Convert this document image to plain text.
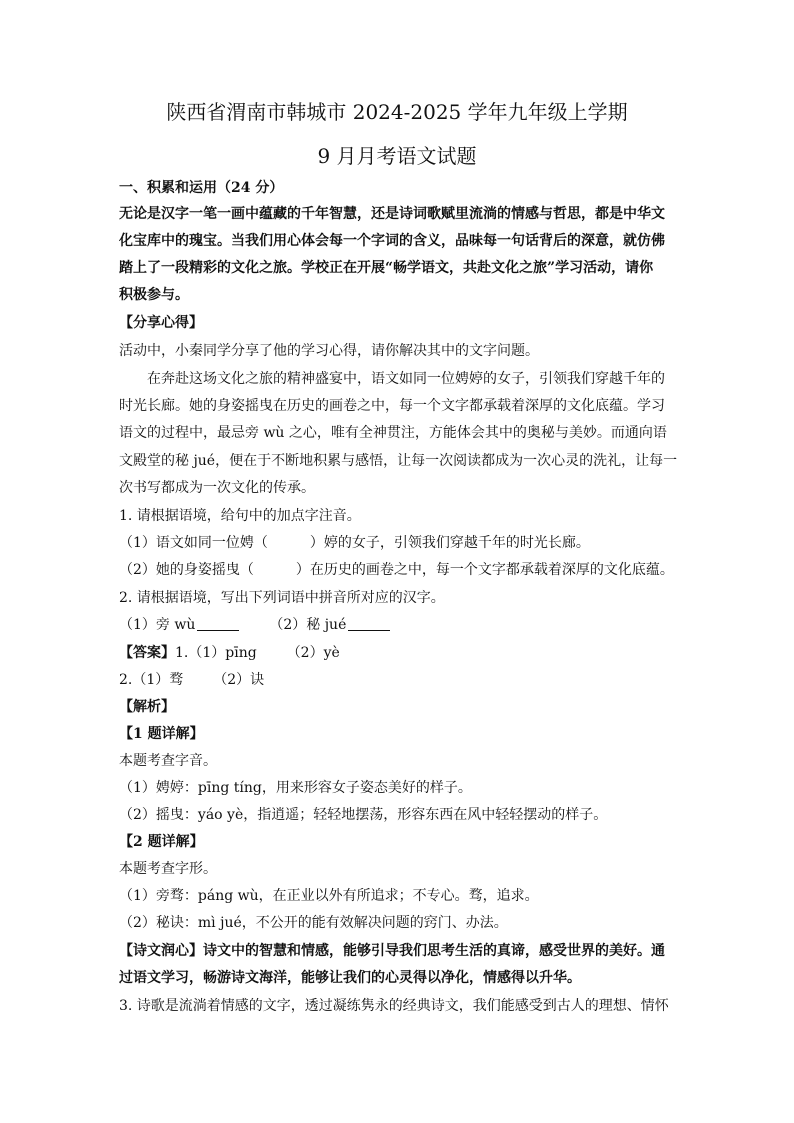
陕西省渭南市韩城市 2024-2025 学年九年级上学期
9 月月考语文试题
一、积累和运用（24 分）
无论是汉字一笔一画中蕴藏的千年智慧，还是诗词歌赋里流淌的情感与哲思，都是中华文
化宝库中的瑰宝。当我们用心体会每一个字词的含义，品味每一句话背后的深意，就仿佛
踏上了一段精彩的文化之旅。学校正在开展“畅学语文，共赴文化之旅”学习活动，请你
积极参与。
【分享心得】
活动中，小秦同学分享了他的学习心得，请你解决其中的文字问题。
在奔赴这场文化之旅的精神盛宴中，语文如同一位娉婷的女子，引领我们穿越千年的
时光长廊。她的身姿摇曳在历史的画卷之中，每一个文字都承载着深厚的文化底蕴。学习
语文的过程中，最忌旁 wù 之心，唯有全神贯注，方能体会其中的奥秘与美妙。而通向语
文殿堂的秘 jué，便在于不断地积累与感悟，让每一次阅读都成为一次心灵的洗礼，让每一
次书写都成为一次文化的传承。
1. 请根据语境，给句中的加点字注音。
（1）语文如同一位娉（　　　）婷的女子，引领我们穿越千年的时光长廊。
（2）她的身姿摇曳（　　　）在历史的画卷之中，每一个文字都承载着深厚的文化底蕴。
2. 请根据语境，写出下列词语中拼音所对应的汉字。
（1）旁 wù	（2）秘 jué
【答案】1.（1）pīng （2）yè
2.（1）骛 （2）诀
【解析】
【1 题详解】
本题考查字音。
（1）娉婷：pīng tíng，用来形容女子姿态美好的样子。
（2）摇曳：yáo yè，指逍遥；轻轻地摆荡，形容东西在风中轻轻摆动的样子。
【2 题详解】
本题考查字形。
（1）旁骛：páng wù，在正业以外有所追求；不专心。骛，追求。
（2）秘诀：mì jué，不公开的能有效解决问题的窍门、办法。
【诗文润心】诗文中的智慧和情感，能够引导我们思考生活的真谛，感受世界的美好。通
过语文学习，畅游诗文海洋，能够让我们的心灵得以净化，情感得以升华。
3. 诗歌是流淌着情感的文字，透过凝练隽永的经典诗文，我们能感受到古人的理想、情怀
